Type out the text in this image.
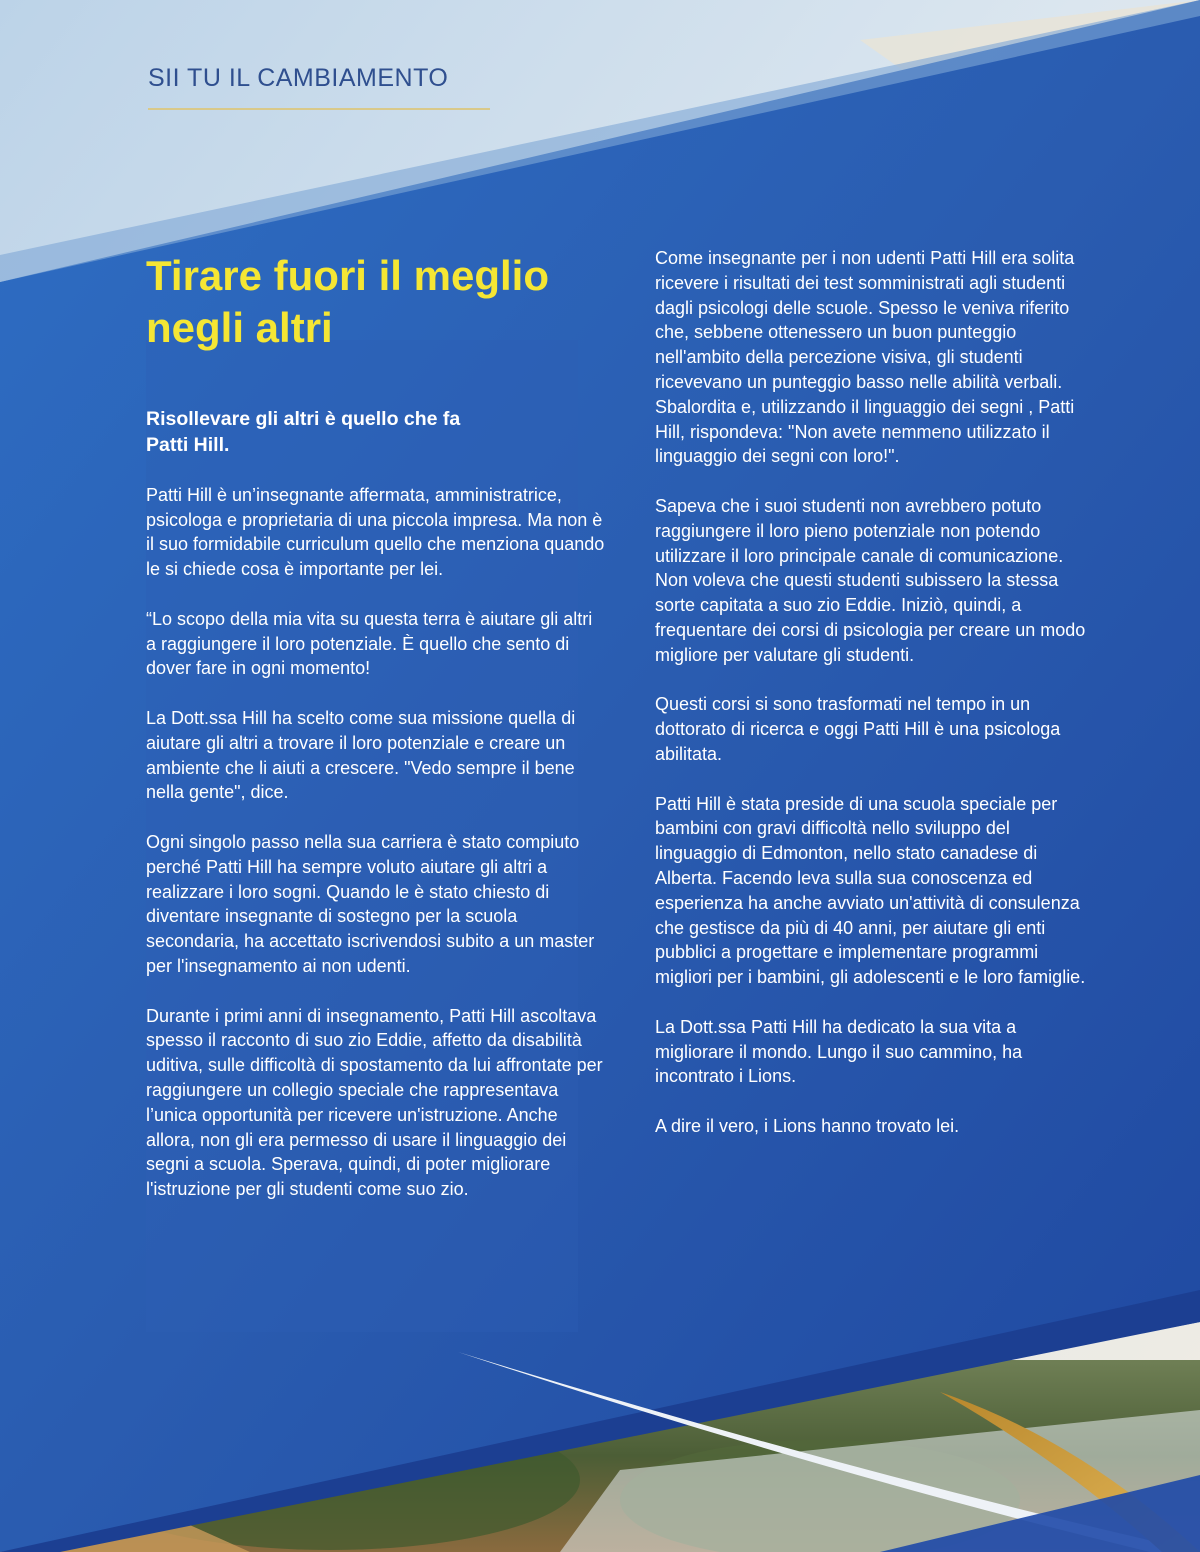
SII TU IL CAMBIAMENTO
Tirare fuori il meglio negli altri

Risollevare gli altri è quello che fa Patti Hill.

Patti Hill è un’insegnante affermata, amministratrice, psicologa e proprietaria di una piccola impresa. Ma non è il suo formidabile curriculum quello che menziona quando le si chiede cosa è importante per lei.

“Lo scopo della mia vita su questa terra è aiutare gli altri a raggiungere il loro potenziale. È quello che sento di dover fare in ogni momento!

La Dott.ssa Hill ha scelto come sua missione quella di aiutare gli altri a trovare il loro potenziale e creare un ambiente che li aiuti a crescere. "Vedo sempre il bene nella gente", dice.

Ogni singolo passo nella sua carriera è stato compiuto perché Patti Hill ha sempre voluto aiutare gli altri a realizzare i loro sogni. Quando le è stato chiesto di diventare insegnante di sostegno per la scuola secondaria, ha accettato iscrivendosi subito a un master per l'insegnamento ai non udenti.

Durante i primi anni di insegnamento, Patti Hill ascoltava spesso il racconto di suo zio Eddie, affetto da disabilità uditiva, sulle difficoltà di spostamento da lui affrontate per raggiungere un collegio speciale che rappresentava l’unica opportunità per ricevere un'istruzione. Anche allora, non gli era permesso di usare il linguaggio dei segni a scuola. Sperava, quindi, di poter migliorare l'istruzione per gli studenti come suo zio.

Come insegnante per i non udenti Patti Hill era solita ricevere i risultati dei test somministrati agli studenti dagli psicologi delle scuole. Spesso le veniva riferito che, sebbene ottenessero un buon punteggio nell'ambito della percezione visiva, gli studenti ricevevano un punteggio basso nelle abilità verbali. Sbalordita e, utilizzando il linguaggio dei segni , Patti Hill, rispondeva: "Non avete nemmeno utilizzato il linguaggio dei segni con loro!".

Sapeva che i suoi studenti non avrebbero potuto raggiungere il loro pieno potenziale non potendo utilizzare il loro principale canale di comunicazione. Non voleva che questi studenti subissero la stessa sorte capitata a suo zio Eddie. Iniziò, quindi, a frequentare dei corsi di psicologia per creare un modo migliore per valutare gli studenti.

Questi corsi si sono trasformati nel tempo in un dottorato di ricerca e oggi Patti Hill è una psicologa abilitata.

Patti Hill è stata preside di una scuola speciale per bambini con gravi difficoltà nello sviluppo del linguaggio di Edmonton, nello stato canadese di Alberta. Facendo leva sulla sua conoscenza ed esperienza ha anche avviato un'attività di consulenza che gestisce da più di 40 anni, per aiutare gli enti pubblici a progettare e implementare programmi migliori per i bambini, gli adolescenti e le loro famiglie.

La Dott.ssa Patti Hill ha dedicato la sua vita a migliorare il mondo. Lungo il suo cammino, ha incontrato i Lions.

A dire il vero, i Lions hanno trovato lei.
